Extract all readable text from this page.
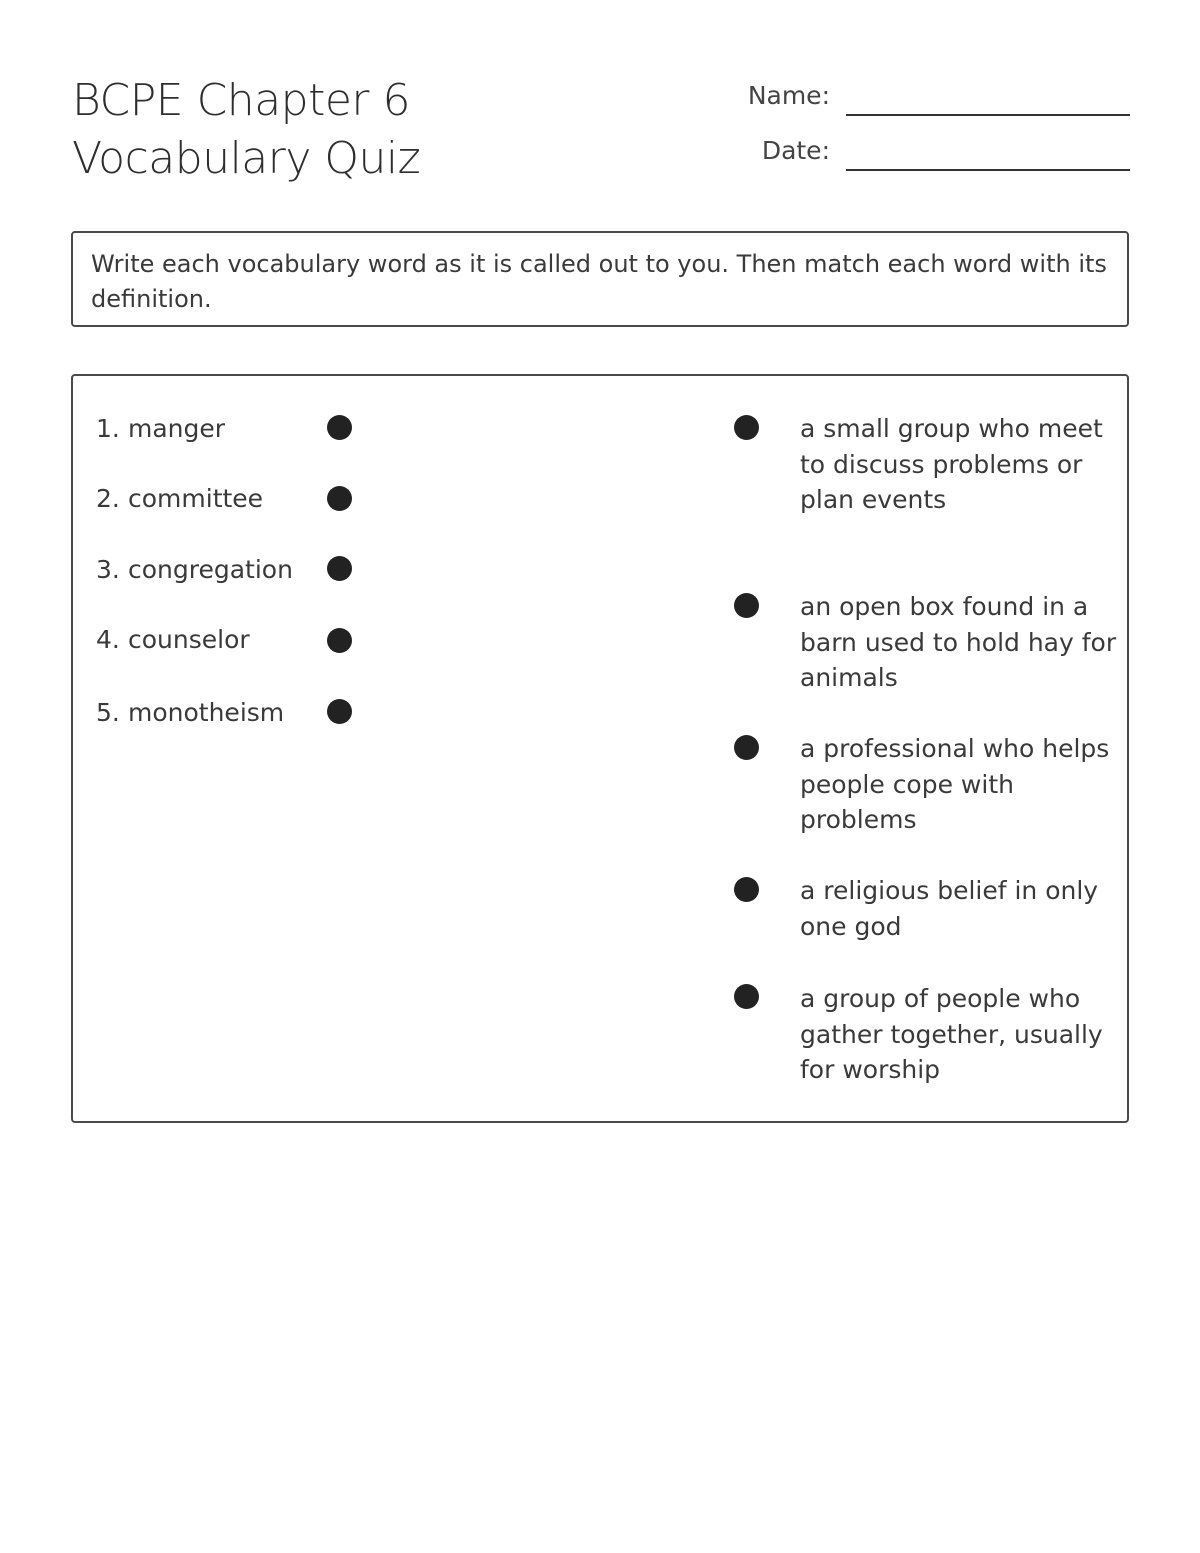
BCPE Chapter 6
Vocabulary Quiz
Name:
Date:
Write each vocabulary word as it is called out to you. Then match each word with its definition.
1. manger
2. committee
3. congregation
4. counselor
5. monotheism
a small group who meet to discuss problems or plan events
an open box found in a barn used to hold hay for animals
a professional who helps people cope with problems
a religious belief in only one god
a group of people who gather together, usually for worship
